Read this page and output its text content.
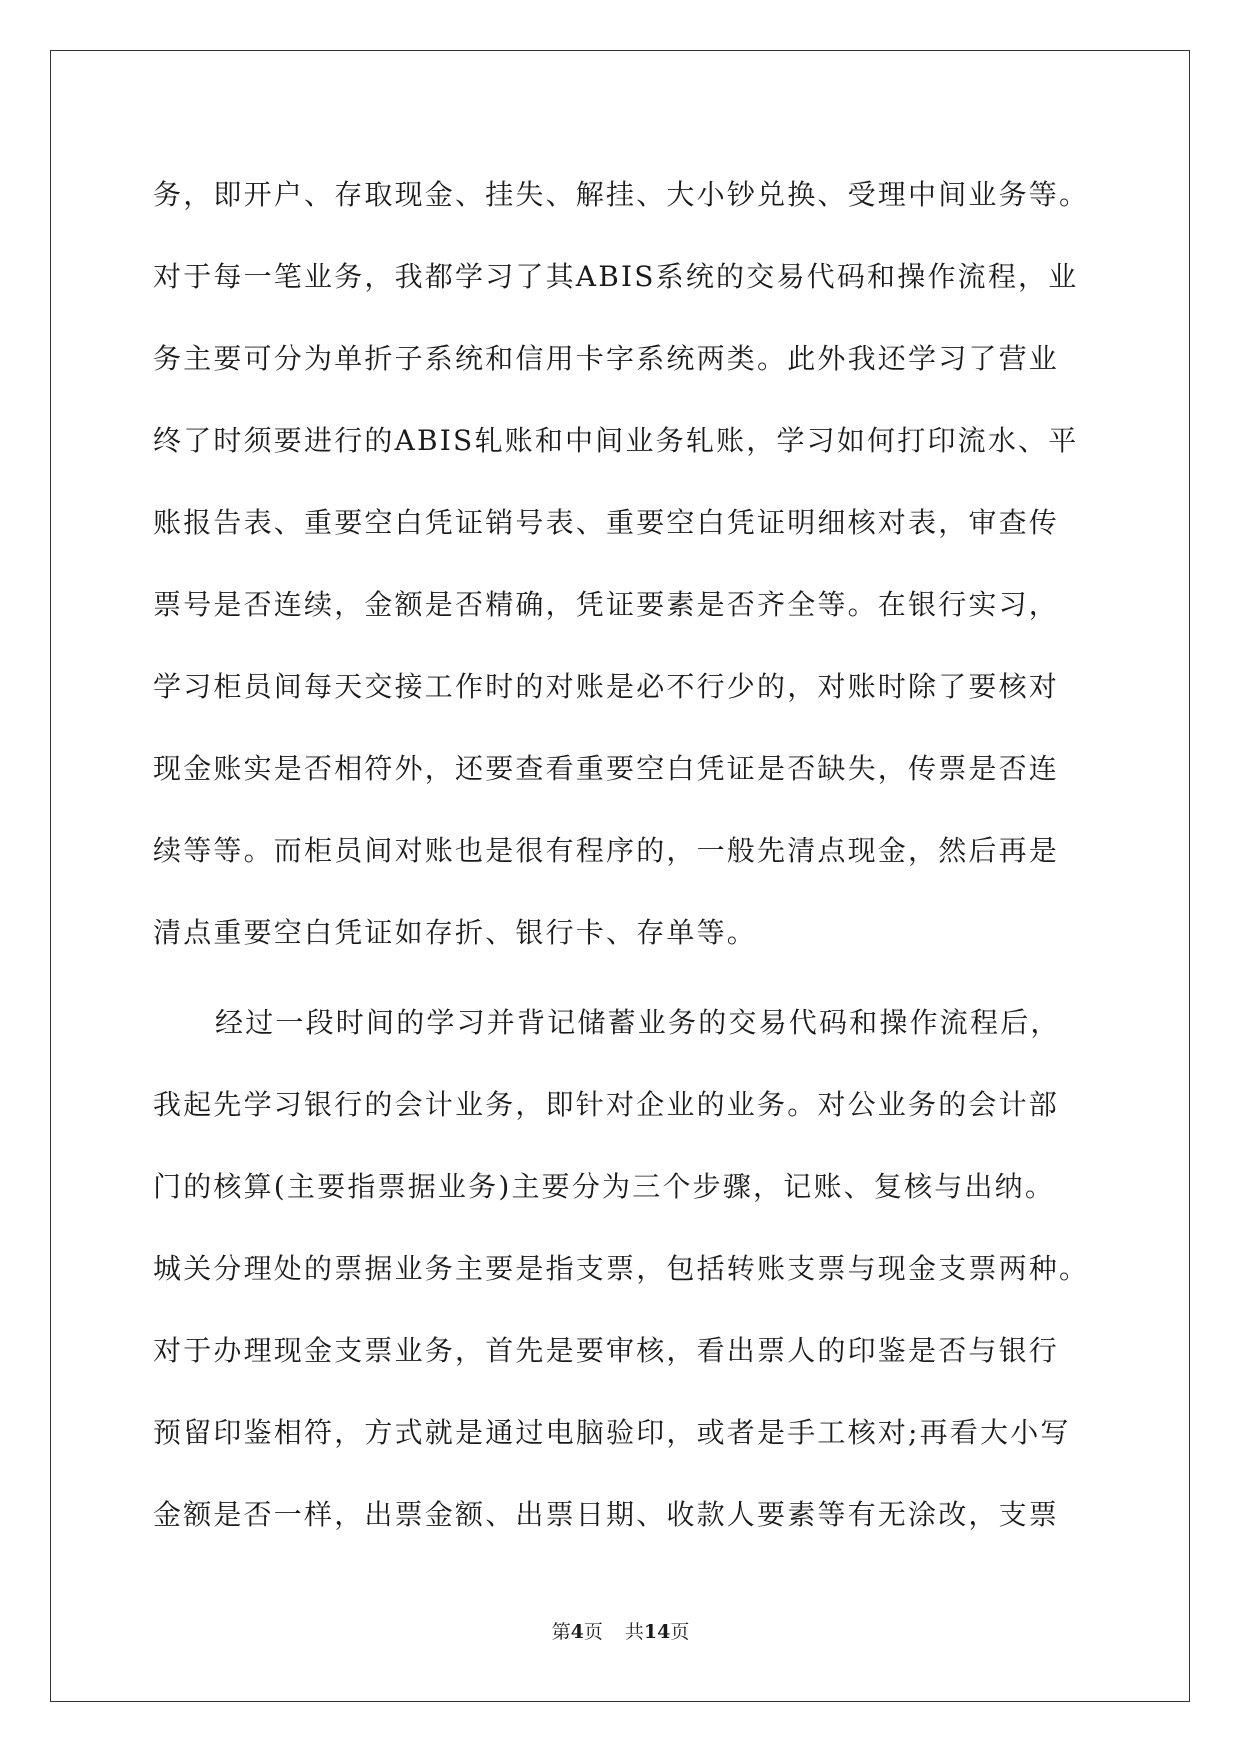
务，即开户、存取现金、挂失、解挂、大小钞兑换、受理中间业务等。
对于每一笔业务，我都学习了其ABIS系统的交易代码和操作流程，业
务主要可分为单折子系统和信用卡字系统两类。此外我还学习了营业
终了时须要进行的ABIS轧账和中间业务轧账，学习如何打印流水、平
账报告表、重要空白凭证销号表、重要空白凭证明细核对表，审查传
票号是否连续，金额是否精确，凭证要素是否齐全等。在银行实习，
学习柜员间每天交接工作时的对账是必不行少的，对账时除了要核对
现金账实是否相符外，还要查看重要空白凭证是否缺失，传票是否连
续等等。而柜员间对账也是很有程序的，一般先清点现金，然后再是
清点重要空白凭证如存折、银行卡、存单等。
经过一段时间的学习并背记储蓄业务的交易代码和操作流程后，
我起先学习银行的会计业务，即针对企业的业务。对公业务的会计部
门的核算(主要指票据业务)主要分为三个步骤，记账、复核与出纳。
城关分理处的票据业务主要是指支票，包括转账支票与现金支票两种。
对于办理现金支票业务，首先是要审核，看出票人的印鉴是否与银行
预留印鉴相符，方式就是通过电脑验印，或者是手工核对;再看大小写
金额是否一样，出票金额、出票日期、收款人要素等有无涂改，支票
第4页 共14页
